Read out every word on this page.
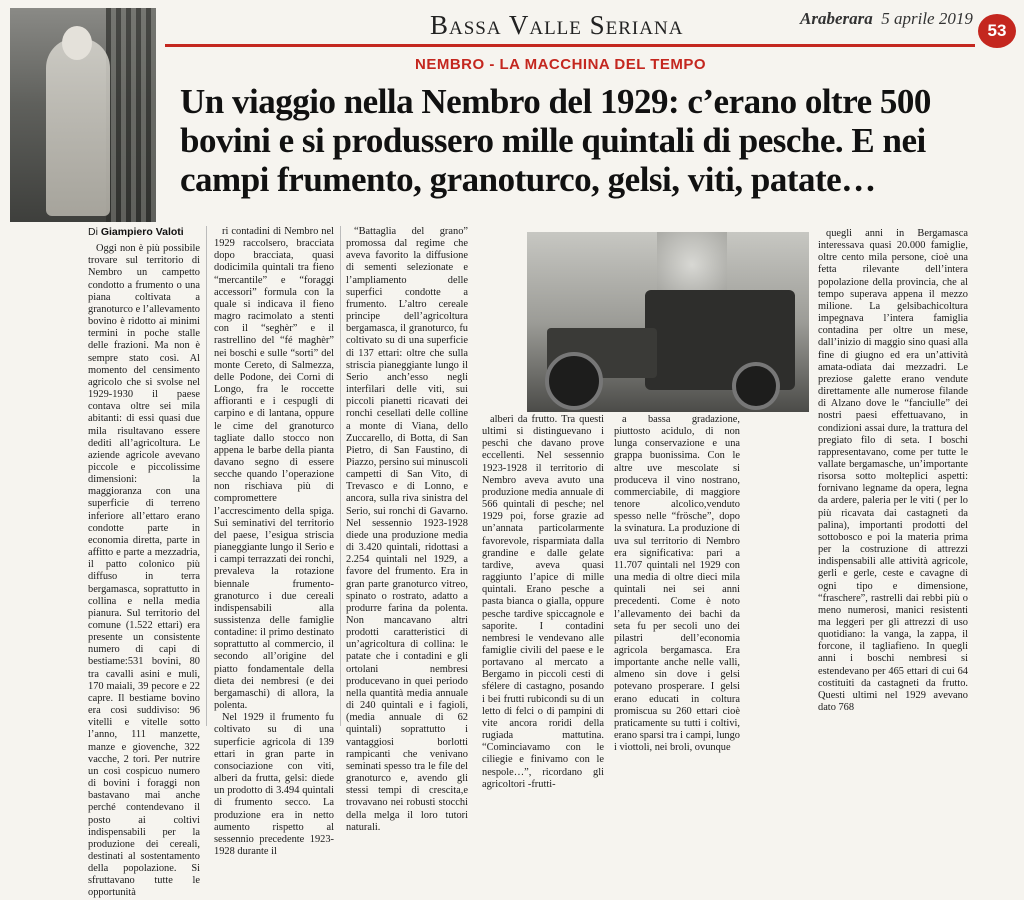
Bassa Valle Seriana	Araberara 5 aprile 2019
53
NEMBRO - LA MACCHINA DEL TEMPO
Un viaggio nella Nembro del 1929: c’erano oltre 500 bovini e si produssero mille quintali di pesche. E nei campi frumento, granoturco, gelsi, viti, patate…
Di Giampiero Valoti

Oggi non è più possibile trovare sul territorio di Nembro un campetto condotto a frumento o una piana coltivata a granoturco e l’allevamento bovino è ridotto ai minimi termini in poche stalle delle frazioni. Ma non è sempre stato così. Al momento del censimento agricolo che si svolse nel 1929-1930 il paese contava oltre sei mila abitanti: di essi quasi due mila risultavano essere dediti all’agricoltura. Le aziende agricole avevano piccole e piccolissime dimensioni: la maggioranza con una superficie di terreno inferiore all’ettaro erano condotte parte in economia diretta, parte in affitto e parte a mezzadria, il patto colonico più diffuso in terra bergamasca, soprattutto in collina e nella media pianura. Sul territorio del comune (1.522 ettari) era presente un consistente numero di capi di bestiame:531 bovini, 80 tra cavalli asini e muli, 170 maiali, 39 pecore e 22 capre. Il bestiame bovino era così suddiviso: 96 vitelli e vitelle sotto l’anno, 111 manzette, manze e giovenche, 322 vacche, 2 tori. Per nutrire un così cospicuo numero di bovini i foraggi non bastavano mai anche perché contendevano il posto ai coltivi indispensabili per la produzione dei cereali, destinati al sostentamento della popolazione. Si sfruttavano tutte le opportunità

ri contadini di Nembro nel 1929 raccolsero, bracciata dopo bracciata, quasi dodicimila quintali tra fieno “mercantile” e “foraggi accessori” formula con la quale si indicava il fieno magro racimolato a stenti con il “seghèr” e il rastrellino del “fé maghèr” nei boschi e sulle “sorti” del monte Cereto, di Salmezza, delle Podone, dei Corni di Longo, fra le roccette affioranti e i cespugli di carpino e di lantana, oppure le cime del granoturco tagliate dallo stocco non appena le barbe della pianta davano segno di essere secche quando l’operazione non rischiava più di compromettere l’accrescimento della spiga. Sui seminativi del territorio del paese, l’esigua striscia pianeggiante lungo il Serio e i campi terrazzati dei ronchi, prevaleva la rotazione biennale frumento-granoturco i due cereali indispensabili alla sussistenza delle famiglie contadine: il primo destinato soprattutto al commercio, il secondo all’origine del piatto fondamentale della dieta dei nembresi (e dei bergamaschi) di allora, la polenta.

Nel 1929 il frumento fu coltivato su di una superficie agricola di 139 ettari in gran parte in consociazione con viti, alberi da frutta, gelsi: diede un prodotto di 3.494 quintali di frumento secco. La produzione era in netto aumento rispetto al sessennio precedente 1923-1928 durante il

“Battaglia del grano” promossa dal regime che aveva favorito la diffusione di sementi selezionate e l’ampliamento delle superfici condotte a frumento. L’altro cereale principe dell’agricoltura bergamasca, il granoturco, fu coltivato su di una superficie di 137 ettari: oltre che sulla striscia pianeggiante lungo il Serio anch’esso negli interfilari delle viti, sui piccoli pianetti ricavati dei ronchi cesellati delle colline a monte di Viana, dello Zuccarello, di Botta, di San Pietro, di San Faustino, di Piazzo, persino sui minuscoli campetti di San Vito, di Trevasco e di Lonno, e ancora, sulla riva sinistra del Serio, sui ronchi di Gavarno. Nel sessennio 1923-1928 diede una produzione media di 3.420 quintali, ridottasi a 2.254 quintali nel 1929, a favore del frumento. Era in gran parte granoturco vitreo, spinato o rostrato, adatto a produrre farina da polenta. Non mancavano altri prodotti caratteristici di un’agricoltura di collina: le patate che i contadini e gli ortolani nembresi producevano in quei periodo nella quantità media annuale di 240 quintali e i fagioli,(media annuale di 62 quintali) soprattutto i vantaggiosi borlotti rampicanti che venivano seminati spesso tra le file del granoturco e, avendo gli stessi tempi di crescita,e trovavano nei robusti stocchi della melga il loro tutori naturali.

alberi da frutto. Tra questi ultimi si distinguevano i peschi che davano prove eccellenti. Nel sessennio 1923-1928 il territorio di Nembro aveva avuto una produzione media annuale di 566 quintali di pesche; nel 1929 poi, forse grazie ad un’annata particolarmente favorevole, risparmiata dalla grandine e dalle gelate tardive, aveva quasi raggiunto l’apice di mille quintali. Erano pesche a pasta bianca o gialla, oppure pesche tardive spiccagnole e saporite. I contadini nembresi le vendevano alle famiglie civili del paese e le portavano al mercato a Bergamo in piccoli cesti di sfélere di castagno, posando i bei frutti rubicondi su di un letto di felci o di pampini di vite ancora roridi della rugiada mattutina. “Cominciavamo con le ciliegie e finivamo con le nespole…”, ricordano gli agricoltori -frutti-

a bassa gradazione, piuttosto acidulo, di non lunga conservazione e una grappa buonissima. Con le altre uve mescolate si produceva il vino nostrano, commerciabile, di maggiore tenore alcolico,venduto spesso nelle “frösche”, dopo la svinatura. La produzione di uva sul territorio di Nembro era significativa: pari a 11.707 quintali nel 1929 con una media di oltre dieci mila quintali nei sei anni precedenti. Come è noto l’allevamento dei bachi da seta fu per secoli uno dei pilastri dell’economia agricola bergamasca. Era importante anche nelle valli, almeno sin dove i gelsi potevano prosperare. I gelsi erano educati in coltura promiscua su 260 ettari cioè praticamente su tutti i coltivi, erano sparsi tra i campi, lungo i viottoli, nei broli, ovunque

quegli anni in Bergamasca interessava quasi 20.000 famiglie, oltre cento mila persone, cioè una fetta rilevante dell’intera popolazione della provincia, che al tempo superava appena il mezzo milione. La gelsibachicoltura impegnava l’intera famiglia contadina per oltre un mese, dall’inizio di maggio sino quasi alla fine di giugno ed era un’attività amata-odiata dai mezzadri. Le preziose galette erano vendute direttamente alle numerose filande di Alzano dove le “fanciulle” dei nostri paesi effettuavano, in condizioni assai dure, la trattura del pregiato filo di seta. I boschi rappresentavano, come per tutte le vallate bergamasche, un’importante risorsa sotto molteplici aspetti: fornivano legname da opera, legna da ardere, paleria per le viti ( per lo più ricavata dai castagneti da palina), importanti prodotti del sottobosco e poi la materia prima per la costruzione di attrezzi indispensabili alle attività agricole, gerli e gerle, ceste e cavagne di ogni tipo e dimensione, “fraschere”, rastrelli dai rebbi più o meno numerosi, manici resistenti ma leggeri per gli attrezzi di uso quotidiano: la vanga, la zappa, il forcone, il tagliafieno. In quegli anni i boschi nembresi si estendevano per 465 ettari di cui 64 costituiti da castagneti da frutto. Questi ultimi nel 1929 avevano dato 768
